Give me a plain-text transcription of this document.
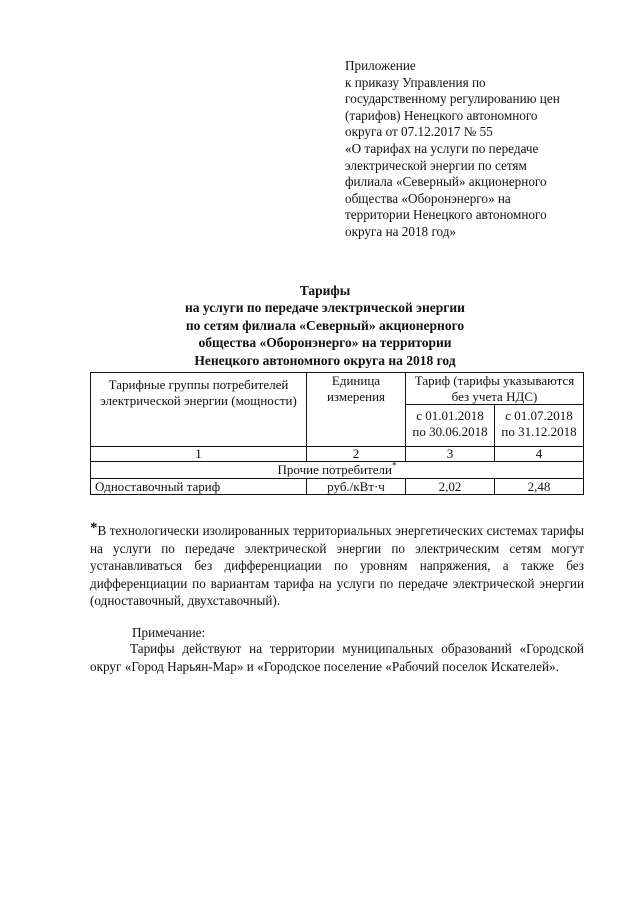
Приложение
к приказу Управления по
государственному регулированию цен
(тарифов) Ненецкого автономного
округа от 07.12.2017 № 55
«О тарифах на услуги по передаче
электрической энергии по сетям
филиала «Северный» акционерного
общества «Оборонэнерго» на
территории Ненецкого автономного
округа на 2018 год»
Тарифы
на услуги по передаче электрической энергии
по сетям филиала «Северный» акционерного
общества «Оборонэнерго» на территории
Ненецкого автономного округа на 2018 год
Тарифные группы потребителей электрической энергии (мощности)	Единица измерения	Тариф (тарифы указываются без учета НДС)	
		с 01.01.2018 по 30.06.2018	с 01.07.2018 по 31.12.2018
1	2	3	4
Прочие потребители*
Одноставочный тариф	руб./кВт·ч	2,02	2,48
*В технологически изолированных территориальных энергетических системах тарифы на услуги по передаче электрической энергии по электрическим сетям могут устанавливаться без дифференциации по уровням напряжения, а также без дифференциации по вариантам тарифа на услуги по передаче электрической энергии (одноставочный, двухставочный).
Примечание:
Тарифы действуют на территории муниципальных образований «Городской округ «Город Нарьян-Мар» и «Городское поселение «Рабочий поселок Искателей».
